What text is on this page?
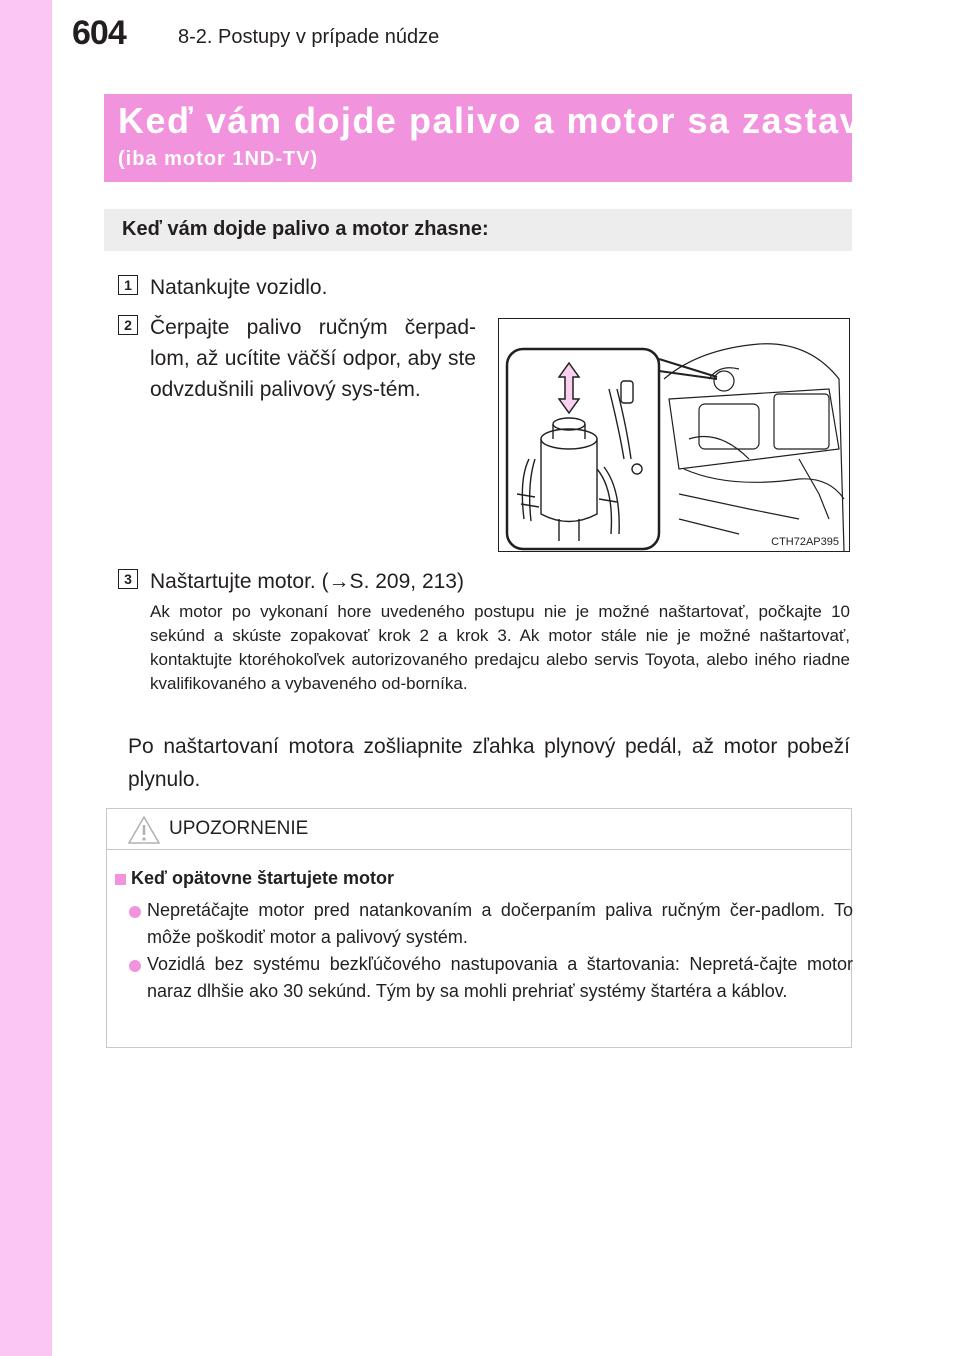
604	8-2. Postupy v prípade núdze
Keď vám dojde palivo a motor sa zastaví
(iba motor 1ND-TV)
Keď vám dojde palivo a motor zhasne:
1 Natankujte vozidlo.
2 Čerpajte palivo ručným čerpad-lom, až ucítite väčší odpor, aby ste odvzdušnili palivový sys-tém.
CTH72AP395
3 Naštartujte motor. (→S. 209, 213)
Ak motor po vykonaní hore uvedeného postupu nie je možné naštartovať, počkajte 10 sekúnd a skúste zopakovať krok 2 a krok 3. Ak motor stále nie je možné naštartovať, kontaktujte ktoréhokoľvek autorizovaného predajcu alebo servis Toyota, alebo iného riadne kvalifikovaného a vybaveného od-borníka.
Po naštartovaní motora zošliapnite zľahka plynový pedál, až motor pobeží plynulo.
UPOZORNENIE
Keď opätovne štartujete motor
Nepretáčajte motor pred natankovaním a dočerpaním paliva ručným čer-padlom. To môže poškodiť motor a palivový systém.
Vozidlá bez systému bezkľúčového nastupovania a štartovania: Nepretá-čajte motor naraz dlhšie ako 30 sekúnd. Tým by sa mohli prehriať systémy štartéra a káblov.
